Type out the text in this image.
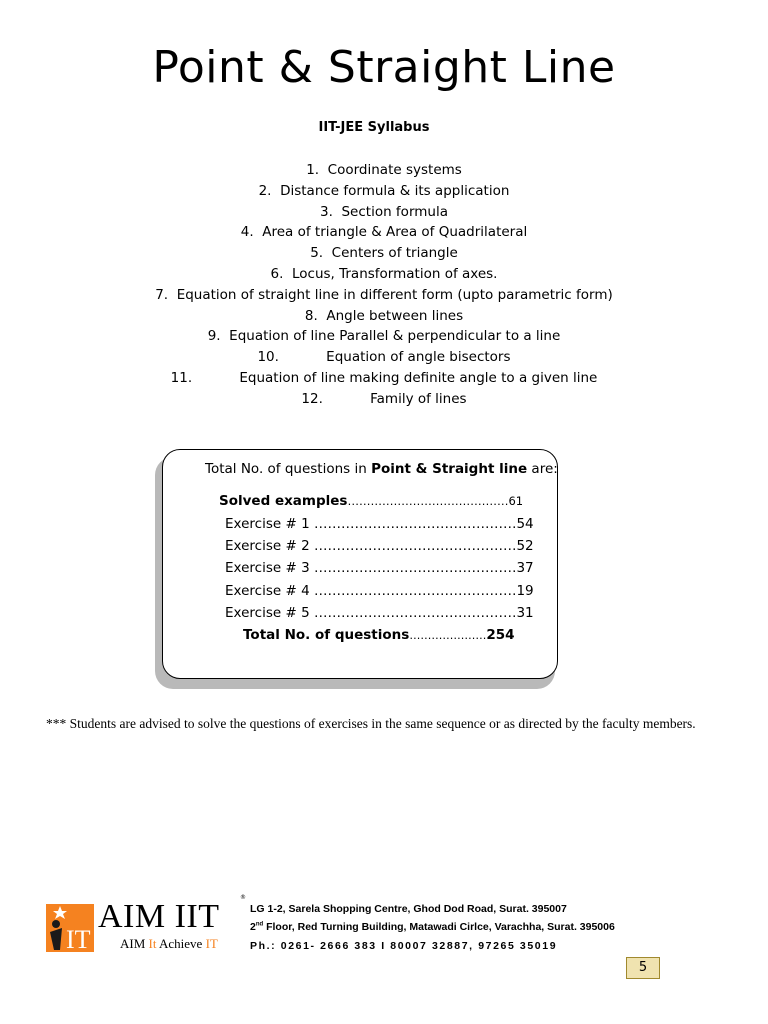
Point & Straight Line
IIT-JEE Syllabus
1. Coordinate systems
2. Distance formula & its application
3. Section formula
4. Area of triangle & Area of Quadrilateral
5. Centers of triangle
6. Locus, Transformation of axes.
7. Equation of straight line in different form (upto parametric form)
8. Angle between lines
9. Equation of line Parallel & perpendicular to a line
10.	Equation of angle bisectors
11.	Equation of line making definite angle to a given line
12.	Family of lines
Total No. of questions in Point & Straight line are:
Solved examples……………………………………61
Exercise # 1 ………………………………………54
Exercise # 2 ………………………………………52
Exercise # 3 ………………………………………37
Exercise # 4 ………………………………………19
Exercise # 5 ………………………………………31
Total No. of questions…………………254
*** Students are advised to solve the questions of exercises in the same sequence or as directed by the faculty members.
IT
AIM IIT
AIM It Achieve IT
®
LG 1-2, Sarela Shopping Centre, Ghod Dod Road, Surat. 395007
2nd Floor, Red Turning Building, Matawadi Cirlce, Varachha, Surat. 395006
Ph.: 0261- 2666 383 I 80007 32887, 97265 35019
5
